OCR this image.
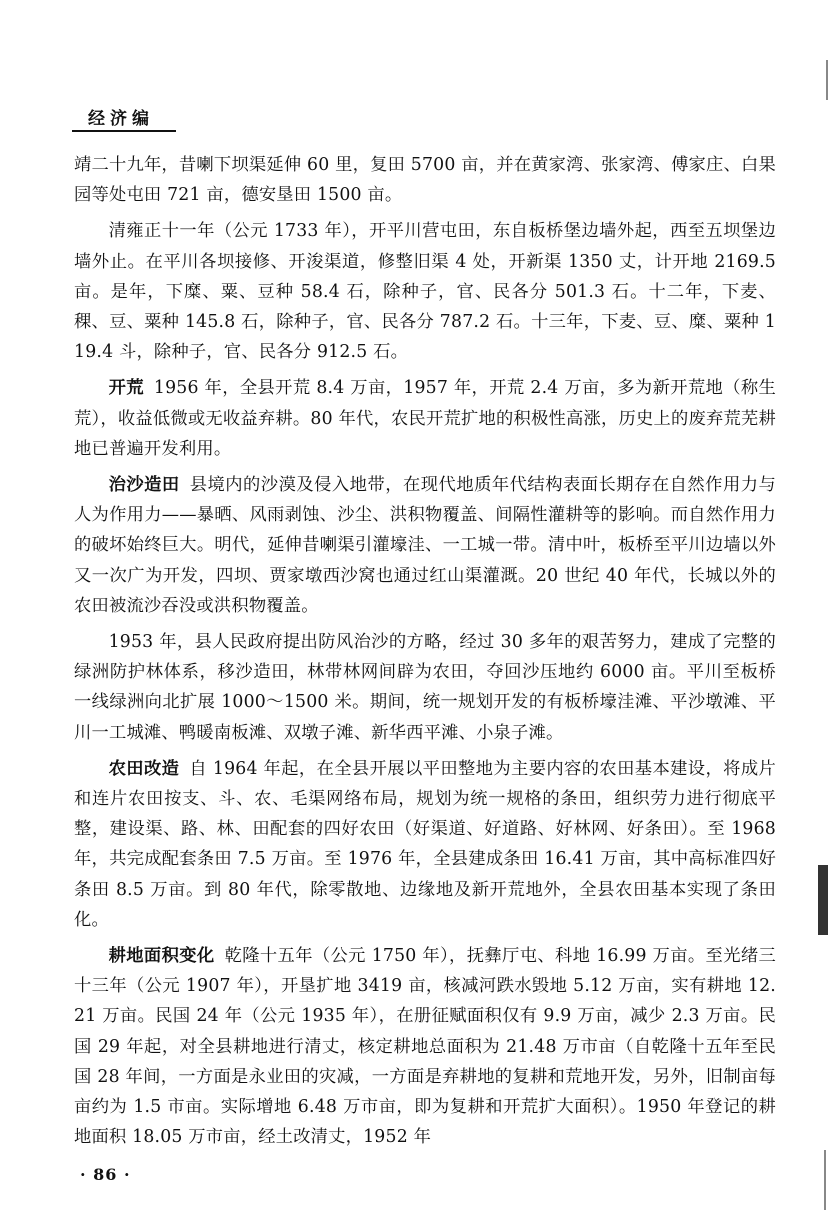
经济编

靖二十九年，昔喇下坝渠延伸 60 里，复田 5700 亩，并在黄家湾、张家湾、傅家庄、白果园等处屯田 721 亩，德安垦田 1500 亩。

清雍正十一年（公元 1733 年），开平川营屯田，东自板桥堡边墙外起，西至五坝堡边墙外止。在平川各坝接修、开浚渠道，修整旧渠 4 处，开新渠 1350 丈，计开地 2169.5 亩。是年，下糜、粟、豆种 58.4 石，除种子，官、民各分 501.3 石。十二年，下麦、稞、豆、粟种 145.8 石，除种子，官、民各分 787.2 石。十三年，下麦、豆、糜、粟种 119.4 斗，除种子，官、民各分 912.5 石。

开荒 1956 年，全县开荒 8.4 万亩，1957 年，开荒 2.4 万亩，多为新开荒地（称生荒），收益低微或无收益弃耕。80 年代，农民开荒扩地的积极性高涨，历史上的废弃荒芜耕地已普遍开发利用。

治沙造田 县境内的沙漠及侵入地带，在现代地质年代结构表面长期存在自然作用力与人为作用力——暴晒、风雨剥蚀、沙尘、洪积物覆盖、间隔性灌耕等的影响。而自然作用力的破坏始终巨大。明代，延伸昔喇渠引灌壕洼、一工城一带。清中叶，板桥至平川边墙以外又一次广为开发，四坝、贾家墩西沙窝也通过红山渠灌溉。20 世纪 40 年代，长城以外的农田被流沙吞没或洪积物覆盖。

1953 年，县人民政府提出防风治沙的方略，经过 30 多年的艰苦努力，建成了完整的绿洲防护林体系，移沙造田，林带林网间辟为农田，夺回沙压地约 6000 亩。平川至板桥一线绿洲向北扩展 1000～1500 米。期间，统一规划开发的有板桥壕洼滩、平沙墩滩、平川一工城滩、鸭暖南板滩、双墩子滩、新华西平滩、小泉子滩。

农田改造 自 1964 年起，在全县开展以平田整地为主要内容的农田基本建设，将成片和连片农田按支、斗、农、毛渠网络布局，规划为统一规格的条田，组织劳力进行彻底平整，建设渠、路、林、田配套的四好农田（好渠道、好道路、好林网、好条田）。至 1968 年，共完成配套条田 7.5 万亩。至 1976 年，全县建成条田 16.41 万亩，其中高标准四好条田 8.5 万亩。到 80 年代，除零散地、边缘地及新开荒地外，全县农田基本实现了条田化。

耕地面积变化 乾隆十五年（公元 1750 年），抚彝厅屯、科地 16.99 万亩。至光绪三十三年（公元 1907 年），开垦扩地 3419 亩，核减河跌水毁地 5.12 万亩，实有耕地 12.21 万亩。民国 24 年（公元 1935 年），在册征赋面积仅有 9.9 万亩，减少 2.3 万亩。民国 29 年起，对全县耕地进行清丈，核定耕地总面积为 21.48 万市亩（自乾隆十五年至民国 28 年间，一方面是永业田的灾减，一方面是弃耕地的复耕和荒地开发，另外，旧制亩每亩约为 1.5 市亩。实际增地 6.48 万市亩，即为复耕和开荒扩大面积）。1950 年登记的耕地面积 18.05 万市亩，经土改清丈，1952 年

· 86 ·
